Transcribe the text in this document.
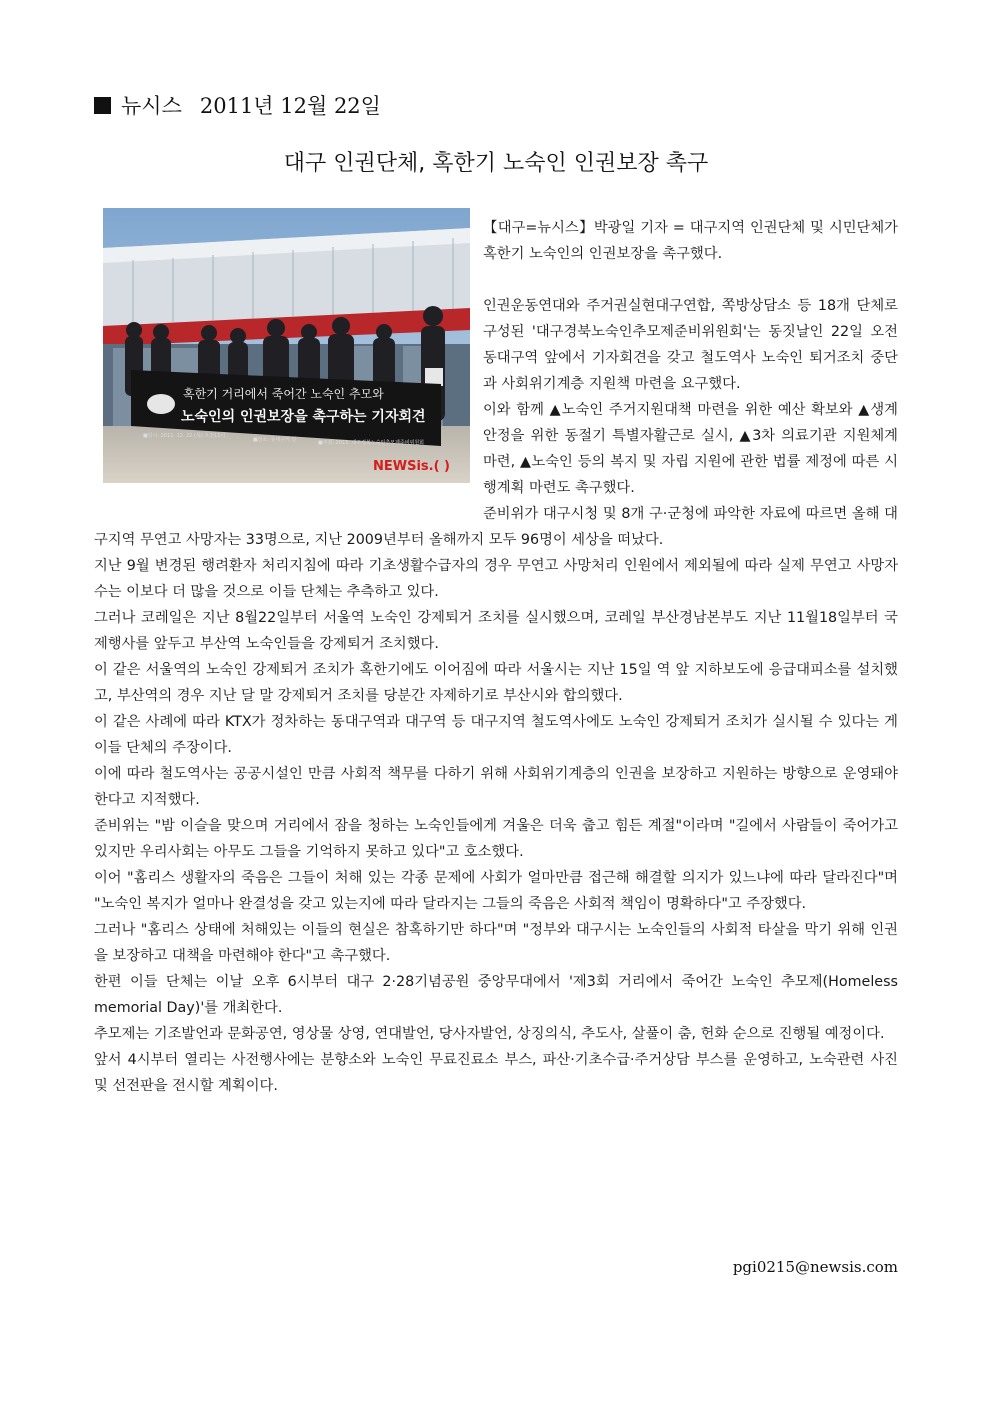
뉴시스 2011년 12월 22일
대구 인권단체, 혹한기 노숙인 인권보장 촉구
혹한기 거리에서 죽어간 노숙인 추모와
노숙인의 인권보장을 촉구하는 기자회견
■일시: 2011. 12. 22.(목) 오전11시
■장소: 동대구역 앞	■주최: 2011. 대구경북노숙인추모제준비위원회
NEWSis.( )

【대구=뉴시스】박광일 기자 = 대구지역 인권단체 및 시민단체가 혹한기 노숙인의 인권보장을 촉구했다.

인권운동연대와 주거권실현대구연합, 쪽방상담소 등 18개 단체로 구성된 '대구경북노숙인추모제준비위원회'는 동짓날인 22일 오전 동대구역 앞에서 기자회견을 갖고 철도역사 노숙인 퇴거조치 중단과 사회위기계층 지원책 마련을 요구했다.

이와 함께 ▲노숙인 주거지원대책 마련을 위한 예산 확보와 ▲생계안정을 위한 동절기 특별자활근로 실시, ▲3차 의료기관 지원체계 마련, ▲노숙인 등의 복지 및 자립 지원에 관한 법률 제정에 따른 시행계획 마련도 촉구했다.

준비위가 대구시청 및 8개 구·군청에 파악한 자료에 따르면 올해 대구지역 무연고 사망자는 33명으로, 지난 2009년부터 올해까지 모두 96명이 세상을 떠났다.

지난 9월 변경된 행려환자 처리지침에 따라 기초생활수급자의 경우 무연고 사망처리 인원에서 제외될에 따라 실제 무연고 사망자 수는 이보다 더 많을 것으로 이들 단체는 추측하고 있다.

그러나 코레일은 지난 8월22일부터 서울역 노숙인 강제퇴거 조치를 실시했으며, 코레일 부산경남본부도 지난 11월18일부터 국제행사를 앞두고 부산역 노숙인들을 강제퇴거 조치했다.

이 같은 서울역의 노숙인 강제퇴거 조치가 혹한기에도 이어짐에 따라 서울시는 지난 15일 역 앞 지하보도에 응급대피소를 설치했고, 부산역의 경우 지난 달 말 강제퇴거 조치를 당분간 자제하기로 부산시와 합의했다.

이 같은 사례에 따라 KTX가 정차하는 동대구역과 대구역 등 대구지역 철도역사에도 노숙인 강제퇴거 조치가 실시될 수 있다는 게 이들 단체의 주장이다.

이에 따라 철도역사는 공공시설인 만큼 사회적 책무를 다하기 위해 사회위기계층의 인권을 보장하고 지원하는 방향으로 운영돼야 한다고 지적했다.

준비위는 "밤 이슬을 맞으며 거리에서 잠을 청하는 노숙인들에게 겨울은 더욱 춥고 힘든 계절"이라며 "길에서 사람들이 죽어가고 있지만 우리사회는 아무도 그들을 기억하지 못하고 있다"고 호소했다.

이어 "홈리스 생활자의 죽음은 그들이 처해 있는 각종 문제에 사회가 얼마만큼 접근해 해결할 의지가 있느냐에 따라 달라진다"며 "노숙인 복지가 얼마나 완결성을 갖고 있는지에 따라 달라지는 그들의 죽음은 사회적 책임이 명확하다"고 주장했다.

그러나 "홈리스 상태에 처해있는 이들의 현실은 참혹하기만 하다"며 "정부와 대구시는 노숙인들의 사회적 타살을 막기 위해 인권을 보장하고 대책을 마련해야 한다"고 촉구했다.

한편 이들 단체는 이날 오후 6시부터 대구 2·28기념공원 중앙무대에서 '제3회 거리에서 죽어간 노숙인 추모제(Homeless memorial Day)'를 개최한다.

추모제는 기조발언과 문화공연, 영상물 상영, 연대발언, 당사자발언, 상징의식, 추도사, 살풀이 춤, 헌화 순으로 진행될 예정이다.

앞서 4시부터 열리는 사전행사에는 분향소와 노숙인 무료진료소 부스, 파산·기초수급·주거상담 부스를 운영하고, 노숙관련 사진 및 선전판을 전시할 계획이다.

pgi0215@newsis.com
